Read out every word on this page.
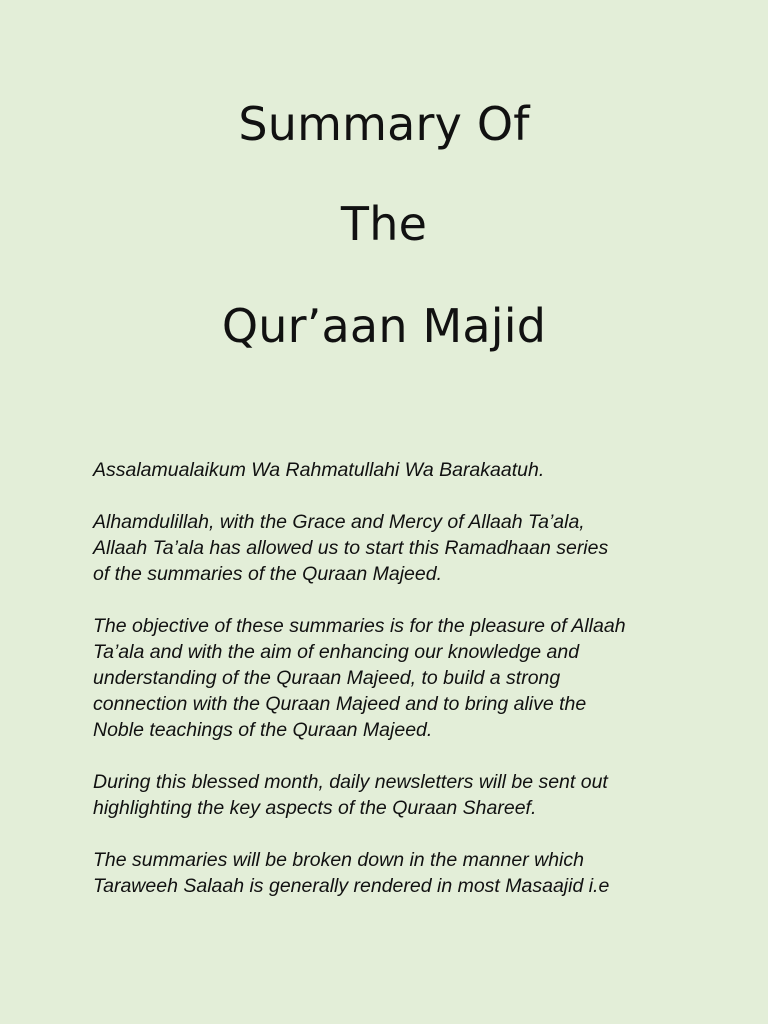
Summary Of
The
Qur’aan Majid

Assalamualaikum Wa Rahmatullahi Wa Barakaatuh.

Alhamdulillah, with the Grace and Mercy of Allaah Ta’ala,
Allaah Ta’ala has allowed us to start this Ramadhaan series
of the summaries of the Quraan Majeed.

The objective of these summaries is for the pleasure of Allaah
Ta’ala and with the aim of enhancing our knowledge and
understanding of the Quraan Majeed, to build a strong
connection with the Quraan Majeed and to bring alive the
Noble teachings of the Quraan Majeed.

During this blessed month, daily newsletters will be sent out
highlighting the key aspects of the Quraan Shareef.

The summaries will be broken down in the manner which
Taraweeh Salaah is generally rendered in most Masaajid i.e
